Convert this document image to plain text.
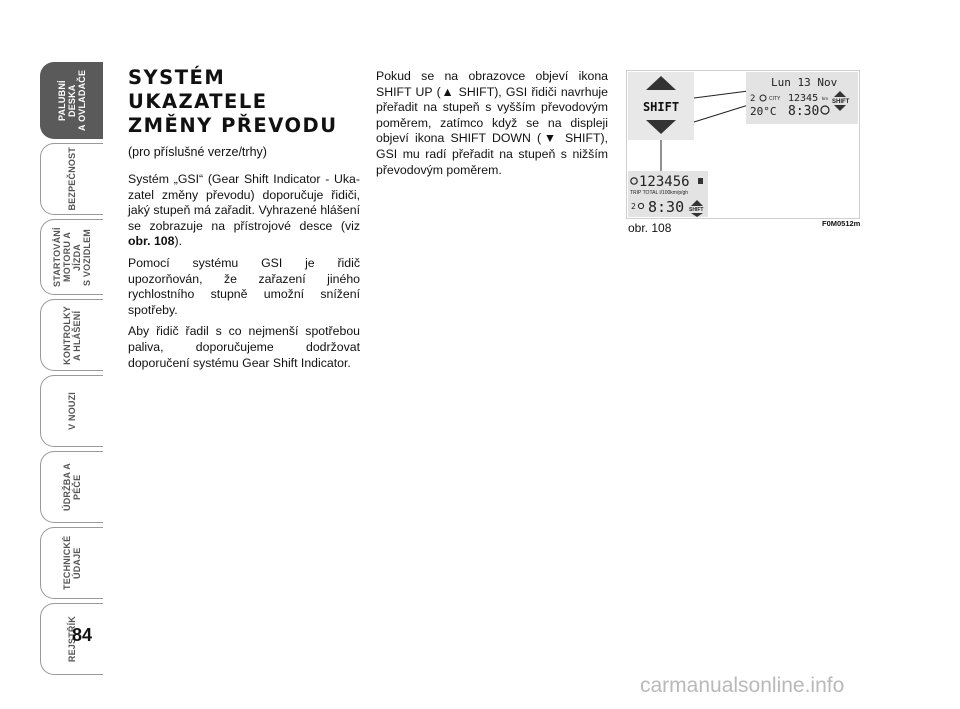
PALUBNÍ DESKA
A OVLADAČE
BEZPEČNOST
STARTOVÁNÍ
MOTORU A JÍZDA
S VOZIDLEM
KONTROLKY
A HLÁŠENÍ
V NOUZI
ÚDRŽBA A PÉČE
TECHNICKÉ ÚDAJE
REJSTŘÍK
84
SYSTÉM UKAZATELE
ZMĚNY PŘEVODU

(pro příslušné verze/trhy)

Systém „GSI“ (Gear Shift Indicator - Ukazatel změny převodu) doporučuje řidiči, jaký stupeň má zařadit. Vyhrazené hlášení se zobrazuje na přístrojové desce (viz obr. 108).

Pomocí systému GSI je řidič upozorňován, že zařazení jiného rychlostního stupně umožní snížení spotřeby.

Aby řidič řadil s co nejmenší spotřebou paliva, doporučujeme dodržovat doporučení systému Gear Shift Indicator.

Pokud se na obrazovce objeví ikona SHIFT UP (▲ SHIFT), GSI řidiči navrhuje přeřadit na stupeň s vyšším převodovým poměrem, zatímco když se na displeji objeví ikona SHIFT DOWN (▼ SHIFT), GSI mu radí přeřadit na stupeň s nižším převodovým poměrem.

SHIFT
Lun 13 Nov
2	CITY 12345 km
SHIFT
20°C 8:30
123456
TRIP TOTAL l/100km/p/gh
2 8:30 SHIFT
obr. 108	F0M0512m
carmanualsonline.info
